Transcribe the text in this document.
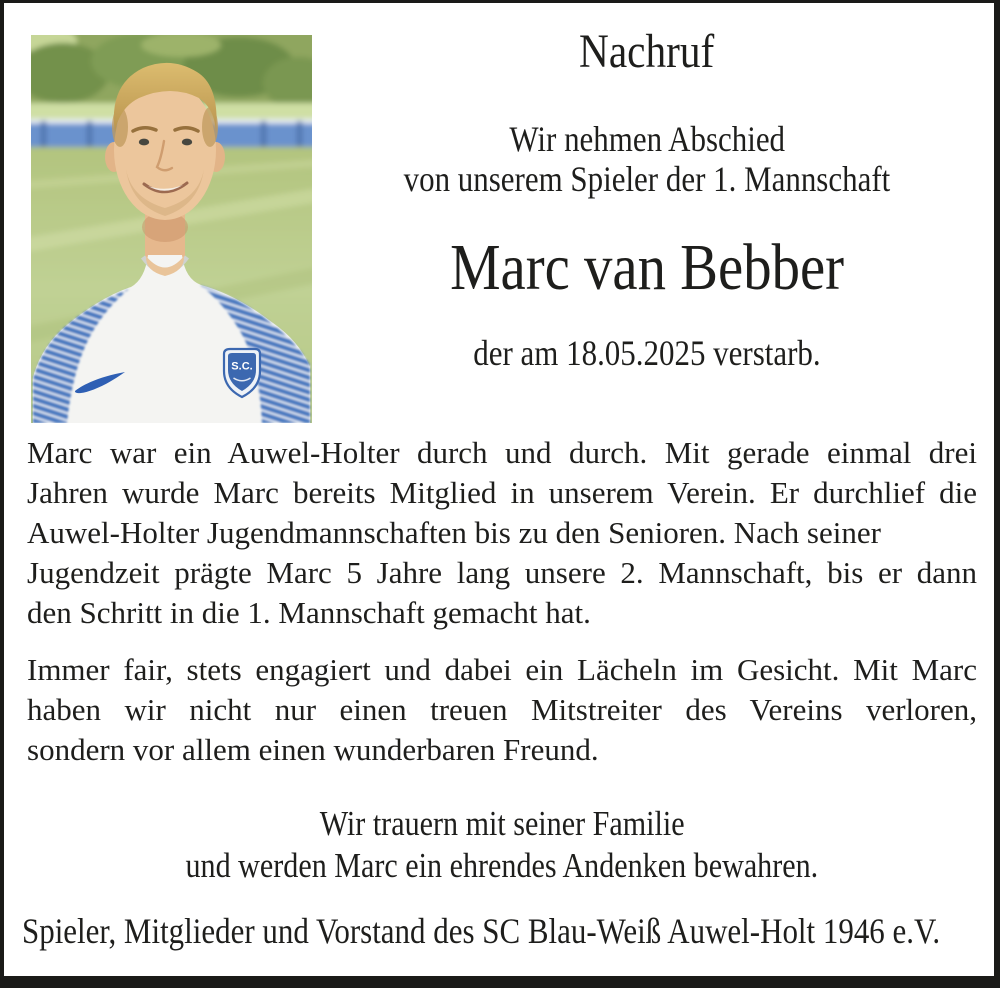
S.C.
Nachruf
Wir nehmen Abschied
von unserem Spieler der 1. Mannschaft
Marc van Bebber
der am 18.05.2025 verstarb.
Marc war ein Auwel-Holter durch und durch. Mit gerade einmal drei
Jahren wurde Marc bereits Mitglied in unserem Verein. Er durchlief die
Auwel-Holter Jugendmannschaften bis zu den Senioren. Nach seiner
Jugendzeit prägte Marc 5 Jahre lang unsere 2. Mannschaft, bis er dann
den Schritt in die 1. Mannschaft gemacht hat.
Immer fair, stets engagiert und dabei ein Lächeln im Gesicht. Mit Marc
haben wir nicht nur einen treuen Mitstreiter des Vereins verloren,
sondern vor allem einen wunderbaren Freund.
Wir trauern mit seiner Familie
und werden Marc ein ehrendes Andenken bewahren.
Spieler, Mitglieder und Vorstand des SC Blau-Weiß Auwel-Holt 1946 e.V.
